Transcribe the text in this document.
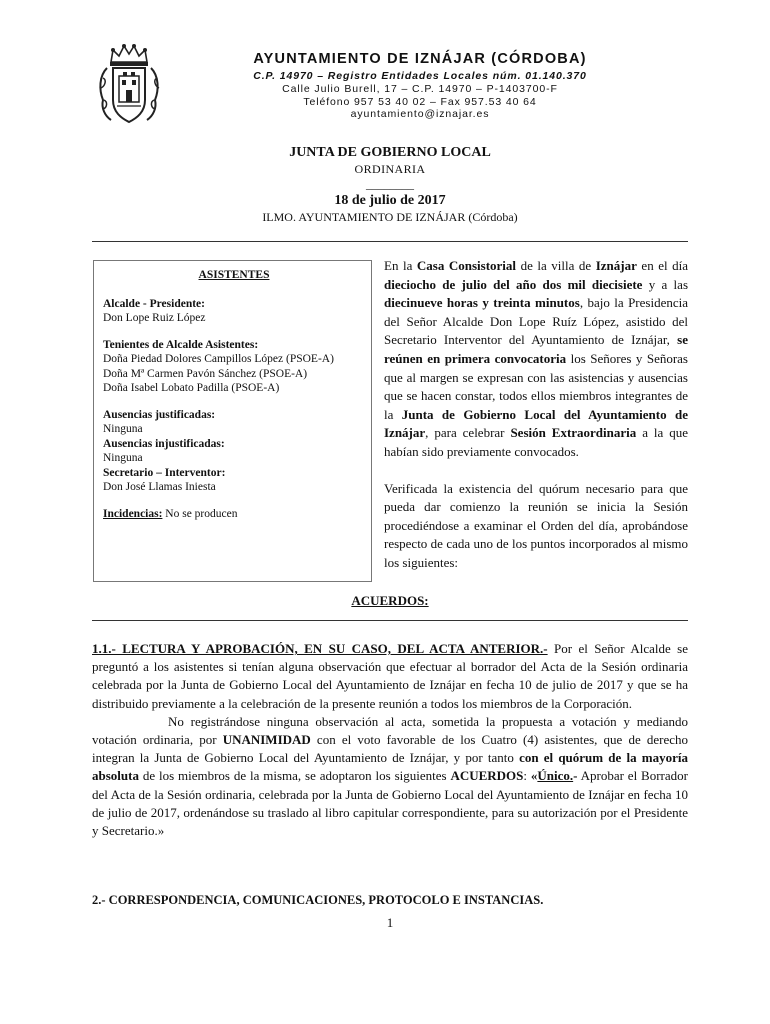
AYUNTAMIENTO DE IZNÁJAR (CÓRDOBA)
C.P. 14970 – Registro Entidades Locales núm. 01.140.370
Calle Julio Burell, 17 – C.P. 14970 – P-1403700-F
Teléfono 957 53 40 02 – Fax 957.53 40 64
ayuntamiento@iznajar.es
JUNTA DE GOBIERNO LOCAL
ORDINARIA
________
18 de julio de 2017
ILMO. AYUNTAMIENTO DE IZNÁJAR (Córdoba)
ASISTENTES
Alcalde - Presidente:
Don Lope Ruiz López
Tenientes de Alcalde Asistentes:
Doña Piedad Dolores Campillos López (PSOE-A)
Doña Mª Carmen Pavón Sánchez (PSOE-A)
Doña Isabel Lobato Padilla (PSOE-A)
Ausencias justificadas:
Ninguna
Ausencias injustificadas:
Ninguna
Secretario – Interventor:
Don José Llamas Iniesta
Incidencias: No se producen

En la Casa Consistorial de la villa de Iznájar en el día dieciocho de julio del año dos mil diecisiete y a las diecinueve horas y treinta minutos, bajo la Presidencia del Señor Alcalde Don Lope Ruíz López, asistido del Secretario Interventor del Ayuntamiento de Iznájar, se reúnen en primera convocatoria los Señores y Señoras que al margen se expresan con las asistencias y ausencias que se hacen constar, todos ellos miembros integrantes de la Junta de Gobierno Local del Ayuntamiento de Iznájar, para celebrar Sesión Extraordinaria a la que habían sido previamente convocados.

Verificada la existencia del quórum necesario para que pueda dar comienzo la reunión se inicia la Sesión procediéndose a examinar el Orden del día, aprobándose respecto de cada uno de los puntos incorporados al mismo los siguientes:

ACUERDOS:

1.1.- LECTURA Y APROBACIÓN, EN SU CASO, DEL ACTA ANTERIOR.- Por el Señor Alcalde se preguntó a los asistentes si tenían alguna observación que efectuar al borrador del Acta de la Sesión ordinaria celebrada por la Junta de Gobierno Local del Ayuntamiento de Iznájar en fecha 10 de julio de 2017 y que se ha distribuido previamente a la celebración de la presente reunión a todos los miembros de la Corporación.

No registrándose ninguna observación al acta, sometida la propuesta a votación y mediando votación ordinaria, por UNANIMIDAD con el voto favorable de los Cuatro (4) asistentes, que de derecho integran la Junta de Gobierno Local del Ayuntamiento de Iznájar, y por tanto con el quórum de la mayoría absoluta de los miembros de la misma, se adoptaron los siguientes ACUERDOS: «Único.- Aprobar el Borrador del Acta de la Sesión ordinaria, celebrada por la Junta de Gobierno Local del Ayuntamiento de Iznájar en fecha 10 de julio de 2017, ordenándose su traslado al libro capitular correspondiente, para su autorización por el Presidente y Secretario.»

2.- CORRESPONDENCIA, COMUNICACIONES, PROTOCOLO E INSTANCIAS.
1
